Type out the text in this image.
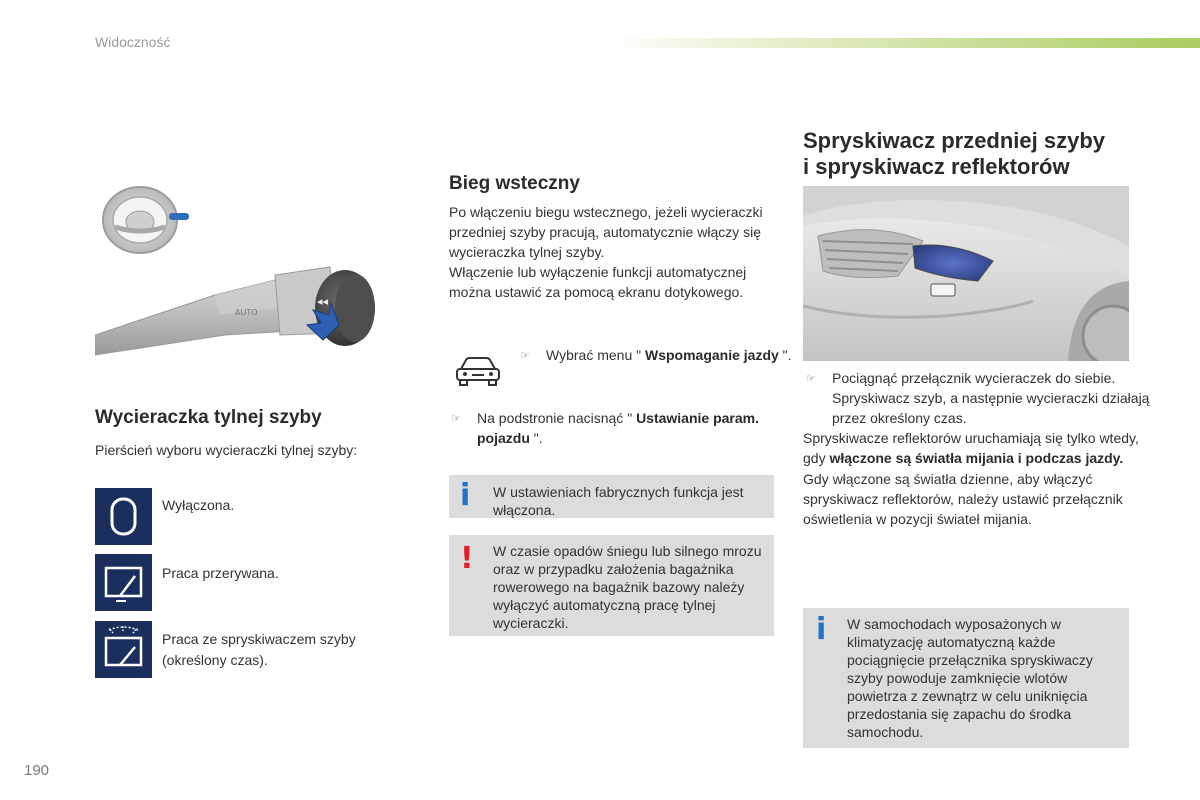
Widoczność
AUTO
◂◂
Wycieraczka tylnej szyby
Pierścień wyboru wycieraczki tylnej szyby:
Wyłączona.
Praca przerywana.
Praca ze spryskiwaczem szyby
(określony czas).
Bieg wsteczny
Po włączeniu biegu wstecznego, jeżeli wycieraczki przedniej szyby pracują, automatycznie włączy się wycieraczka tylnej szyby.
Włączenie lub wyłączenie funkcji automatycznej można ustawić za pomocą ekranu dotykowego.
☞ Wybrać menu " Wspomaganie jazdy ".
☞ Na podstronie nacisnąć " Ustawianie param. pojazdu ".
i W ustawieniach fabrycznych funkcja jest włączona.
! W czasie opadów śniegu lub silnego mrozu oraz w przypadku założenia bagażnika rowerowego na bagażnik bazowy należy wyłączyć automatyczną pracę tylnej wycieraczki.
Spryskiwacz przedniej szyby
i spryskiwacz reflektorów
☞ Pociągnąć przełącznik wycieraczek do siebie. Spryskiwacz szyb, a następnie wycieraczki działają przez określony czas.
Spryskiwacze reflektorów uruchamiają się tylko wtedy, gdy włączone są światła mijania i podczas jazdy.
Gdy włączone są światła dzienne, aby włączyć spryskiwacz reflektorów, należy ustawić przełącznik oświetlenia w pozycji świateł mijania.
i W samochodach wyposażonych w klimatyzację automatyczną każde pociągnięcie przełącznika spryskiwaczy szyby powoduje zamknięcie wlotów powietrza z zewnątrz w celu uniknięcia przedostania się zapachu do środka samochodu.
190
